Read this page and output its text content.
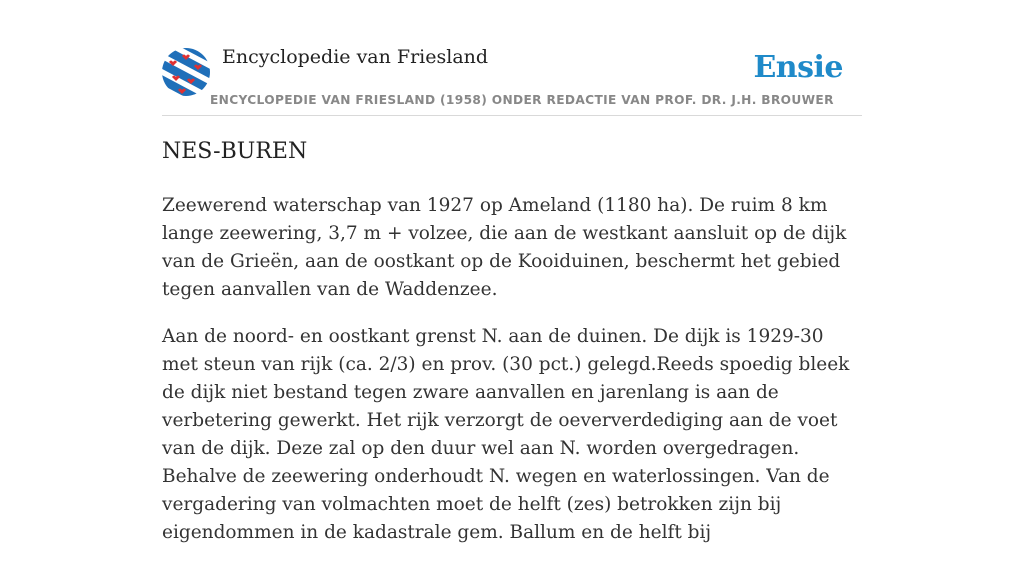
Encyclopedie van Friesland	Ensie
ENCYCLOPEDIE VAN FRIESLAND (1958) ONDER REDACTIE VAN PROF. DR. J.H. BROUWER
NES-BUREN

Zeewerend waterschap van 1927 op Ameland (1180 ha). De ruim 8 km lange zeewering, 3,7 m + volzee, die aan de westkant aansluit op de dijk van de Grieën, aan de oostkant op de Kooiduinen, beschermt het gebied tegen aanvallen van de Waddenzee.

Aan de noord- en oostkant grenst N. aan de duinen. De dijk is 1929-30 met steun van rijk (ca. 2/3) en prov. (30 pct.) gelegd.Reeds spoedig bleek de dijk niet bestand tegen zware aanvallen en jarenlang is aan de verbetering gewerkt. Het rijk verzorgt de oeververdediging aan de voet van de dijk. Deze zal op den duur wel aan N. worden overgedragen. Behalve de zeewering onderhoudt N. wegen en waterlossingen. Van de vergadering van volmachten moet de helft (zes) betrokken zijn bij eigendommen in de kadastrale gem. Ballum en de helft bij
